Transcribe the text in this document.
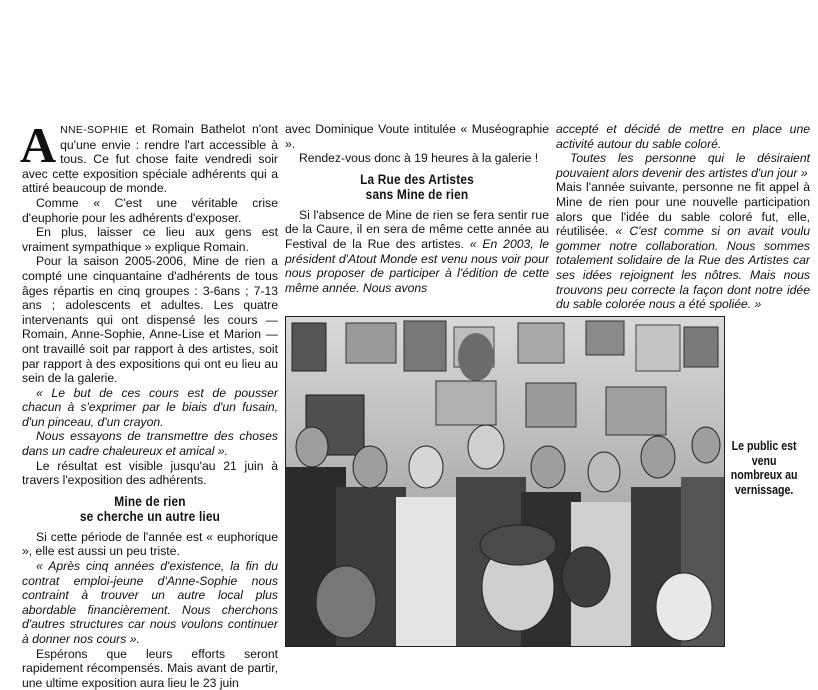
ANNE-SOPHIE et Romain Bathelot n'ont qu'une envie : rendre l'art accessible à tous. Ce fut chose faite vendredi soir avec cette exposition spéciale adhérents qui a attiré beaucoup de monde.

Comme « C'est une véritable crise d'euphorie pour les adhérents d'exposer.

En plus, laisser ce lieu aux gens est vraiment sympathique » explique Romain.

Pour la saison 2005-2006, Mine de rien a compté une cinquantaine d'adhérents de tous âges répartis en cinq groupes : 3-6ans ; 7-13 ans ; adolescents et adultes. Les quatre intervenants qui ont dispensé les cours — Romain, Anne-Sophie, Anne-Lise et Marion — ont travaillé soit par rapport à des artistes, soit par rapport à des expositions qui ont eu lieu au sein de la galerie.

« Le but de ces cours est de pousser chacun à s'exprimer par le biais d'un fusain, d'un pinceau, d'un crayon.

Nous essayons de transmettre des choses dans un cadre chaleureux et amical ».

Le résultat est visible jusqu'au 21 juin à travers l'exposition des adhérents.

Mine de rien
se cherche un autre lieu

Si cette période de l'année est « euphorique », elle est aussi un peu triste.

« Après cinq années d'existence, la fin du contrat emploi-jeune d'Anne-Sophie nous contraint à trouver un autre local plus abordable financièrement. Nous cherchons d'autres structures car nous voulons continuer à donner nos cours ».

Espérons que leurs efforts seront rapidement récompensés. Mais avant de partir, une ultime exposition aura lieu le 23 juin

avec Dominique Voute intitulée « Muséographie ».

Rendez-vous donc à 19 heures à la galerie !

La Rue des Artistes
sans Mine de rien

Si l'absence de Mine de rien se fera sentir rue de la Caure, il en sera de même cette année au Festival de la Rue des artistes. « En 2003, le président d'Atout Monde est venu nous voir pour nous proposer de participer à l'édition de cette même année. Nous avons

accepté et décidé de mettre en place une activité autour du sable coloré.

Toutes les personne qui le désiraient pouvaient alors devenir des artistes d'un jour »

Mais l'année suivante, personne ne fit appel à Mine de rien pour une nouvelle participation alors que l'idée du sable coloré fut, elle, réutilisée. « C'est comme si on avait voulu gommer notre collaboration. Nous sommes totalement solidaire de la Rue des Artistes car ses idées rejoignent les nôtres. Mais nous trouvons peu correcte la façon dont notre idée du sable colorée nous a été spoliée. »

Le public est venu nombreux au vernissage.
